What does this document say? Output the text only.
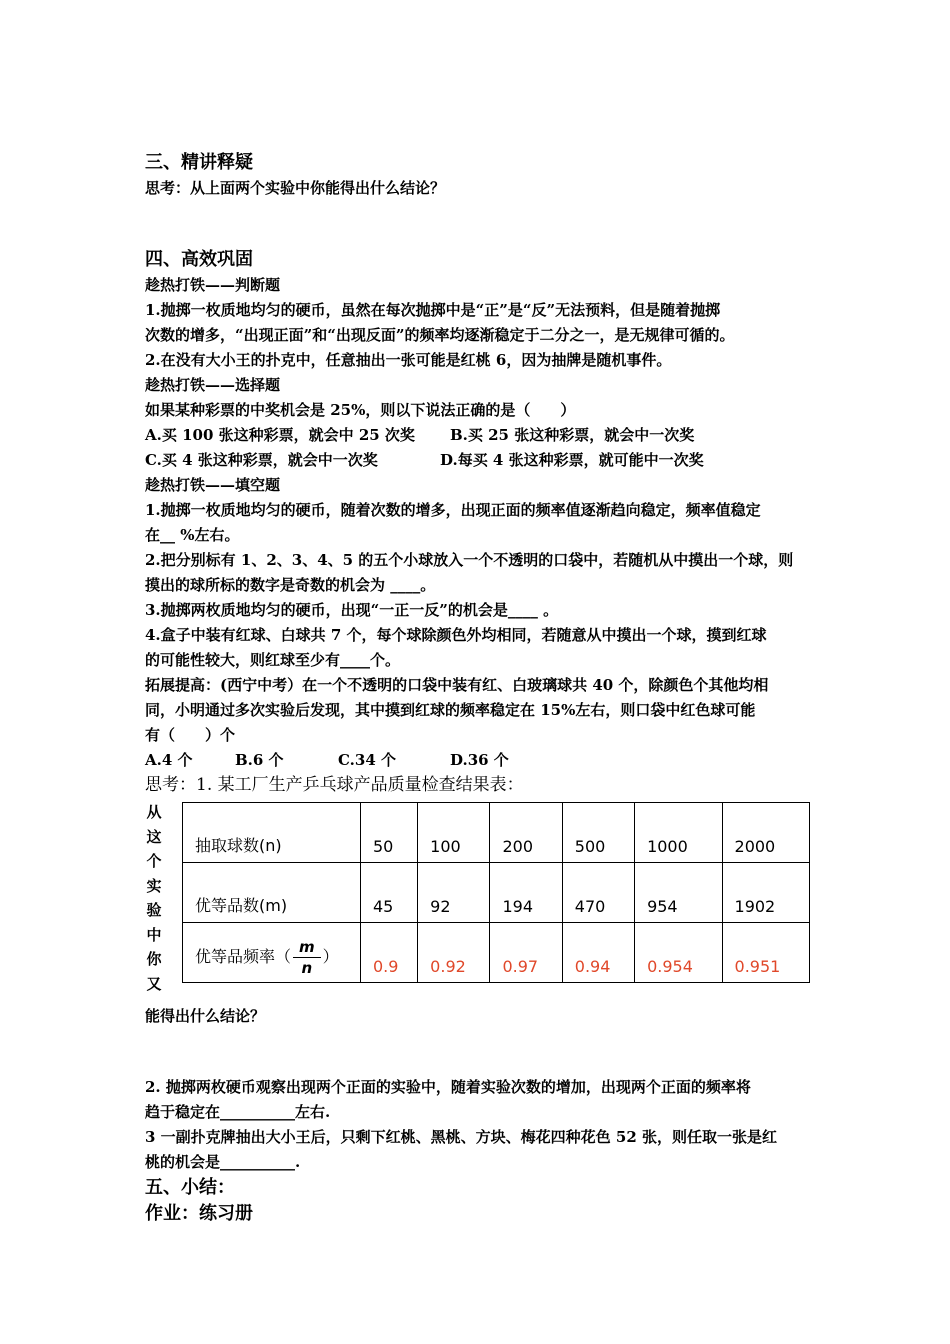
三、精讲释疑
思考：从上面两个实验中你能得出什么结论？
四、高效巩固
趁热打铁——判断题
1.抛掷一枚质地均匀的硬币，虽然在每次抛掷中是“正”是“反”无法预料，但是随着抛掷
次数的增多，“出现正面”和“出现反面”的频率均逐渐稳定于二分之一，是无规律可循的。
2.在没有大小王的扑克中，任意抽出一张可能是红桃 6，因为抽牌是随机事件。
趁热打铁——选择题
如果某种彩票的中奖机会是 25%，则以下说法正确的是（　　）
A.买 100 张这种彩票，就会中 25 次奖	B.买 25 张这种彩票，就会中一次奖
C.买 4 张这种彩票，就会中一次奖	D.每买 4 张这种彩票，就可能中一次奖
趁热打铁——填空题
1.抛掷一枚质地均匀的硬币，随着次数的增多，出现正面的频率值逐渐趋向稳定，频率值稳定
在__ %左右。
2.把分别标有 1、2、3、4、5 的五个小球放入一个不透明的口袋中，若随机从中摸出一个球，则
摸出的球所标的数字是奇数的机会为 ____。
3.抛掷两枚质地均匀的硬币，出现“一正一反”的机会是____ 。
4.盒子中装有红球、白球共 7 个，每个球除颜色外均相同，若随意从中摸出一个球，摸到红球
的可能性较大，则红球至少有____个。
拓展提高：(西宁中考）在一个不透明的口袋中装有红、白玻璃球共 40 个，除颜色个其他均相
同，小明通过多次实验后发现，其中摸到红球的频率稳定在 15%左右，则口袋中红色球可能
有（　　）个
A.4 个	B.6 个	C.34 个	D.36 个
思考：1. 某工厂生产乒乓球产品质量检查结果表：
从
这
个
实
验
中
你
又
抽取球数(n)	50	100	200	500	1000	2000
优等品数(m)	45	92	194	470	954	1902
优等品频率（ $\frac{m}{n}$ ）	0.9	0.92	0.97	0.94	0.954	0.951
能得出什么结论？
2. 抛掷两枚硬币观察出现两个正面的实验中，随着实验次数的增加，出现两个正面的频率将
趋于稳定在__________左右.
3 一副扑克牌抽出大小王后，只剩下红桃、黑桃、方块、梅花四种花色 52 张，则任取一张是红
桃的机会是__________.
五、小结：
作业：练习册
